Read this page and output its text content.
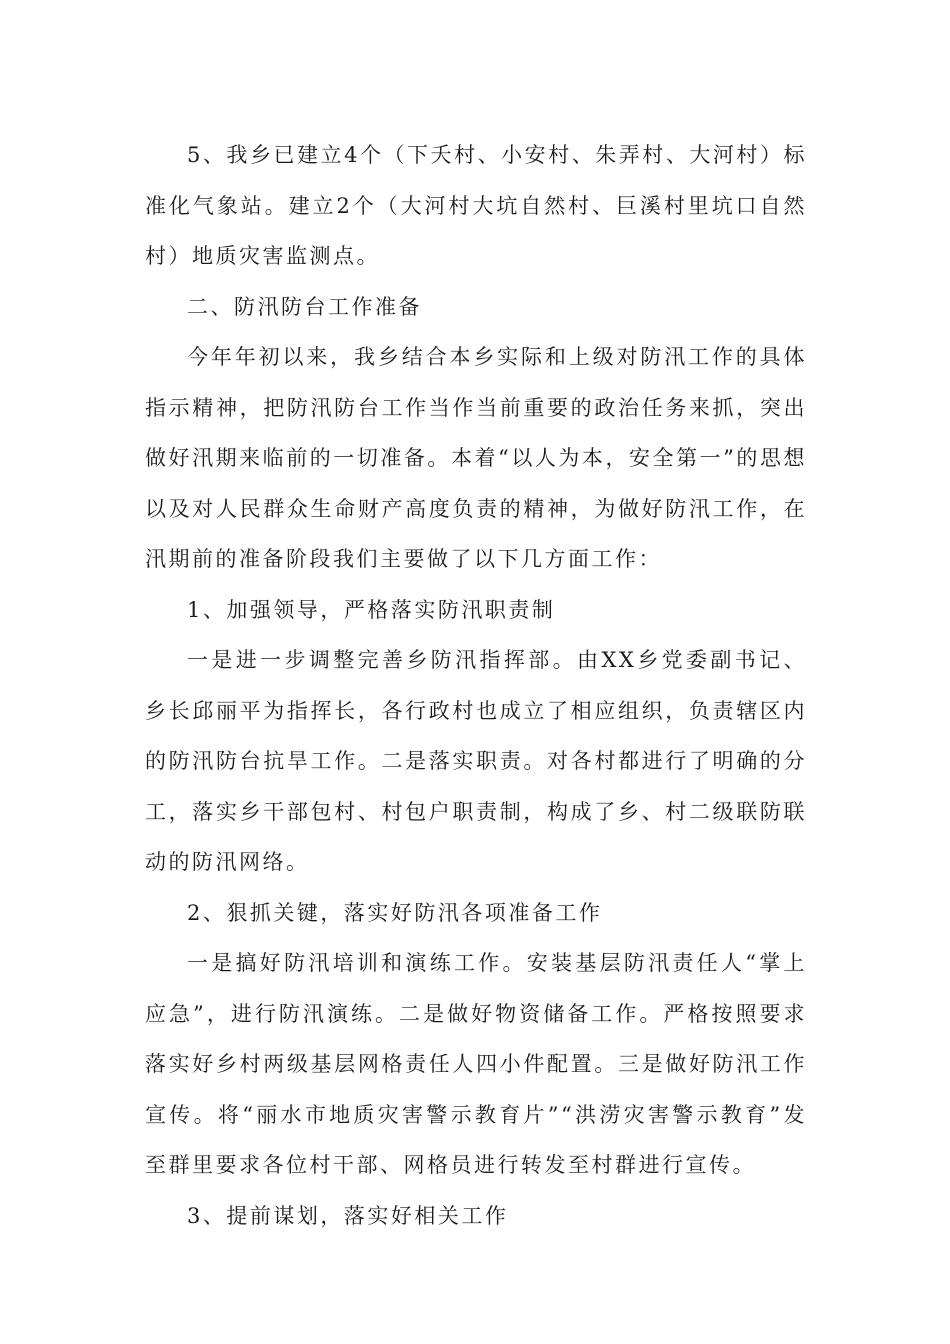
5、我乡已建立4个（下夭村、小安村、朱弄村、大河村）标准化气象站。建立2个（大河村大坑自然村、巨溪村里坑口自然村）地质灾害监测点。

二、防汛防台工作准备

今年年初以来，我乡结合本乡实际和上级对防汛工作的具体指示精神，把防汛防台工作当作当前重要的政治任务来抓，突出做好汛期来临前的一切准备。本着“以人为本，安全第一”的思想以及对人民群众生命财产高度负责的精神，为做好防汛工作，在汛期前的准备阶段我们主要做了以下几方面工作：

1、加强领导，严格落实防汛职责制

一是进一步调整完善乡防汛指挥部。由XX乡党委副书记、乡长邱丽平为指挥长，各行政村也成立了相应组织，负责辖区内的防汛防台抗旱工作。二是落实职责。对各村都进行了明确的分工，落实乡干部包村、村包户职责制，构成了乡、村二级联防联动的防汛网络。

2、狠抓关键，落实好防汛各项准备工作

一是搞好防汛培训和演练工作。安装基层防汛责任人“掌上应急”，进行防汛演练。二是做好物资储备工作。严格按照要求落实好乡村两级基层网格责任人四小件配置。三是做好防汛工作宣传。将“丽水市地质灾害警示教育片”“洪涝灾害警示教育”发至群里要求各位村干部、网格员进行转发至村群进行宣传。

3、提前谋划，落实好相关工作
